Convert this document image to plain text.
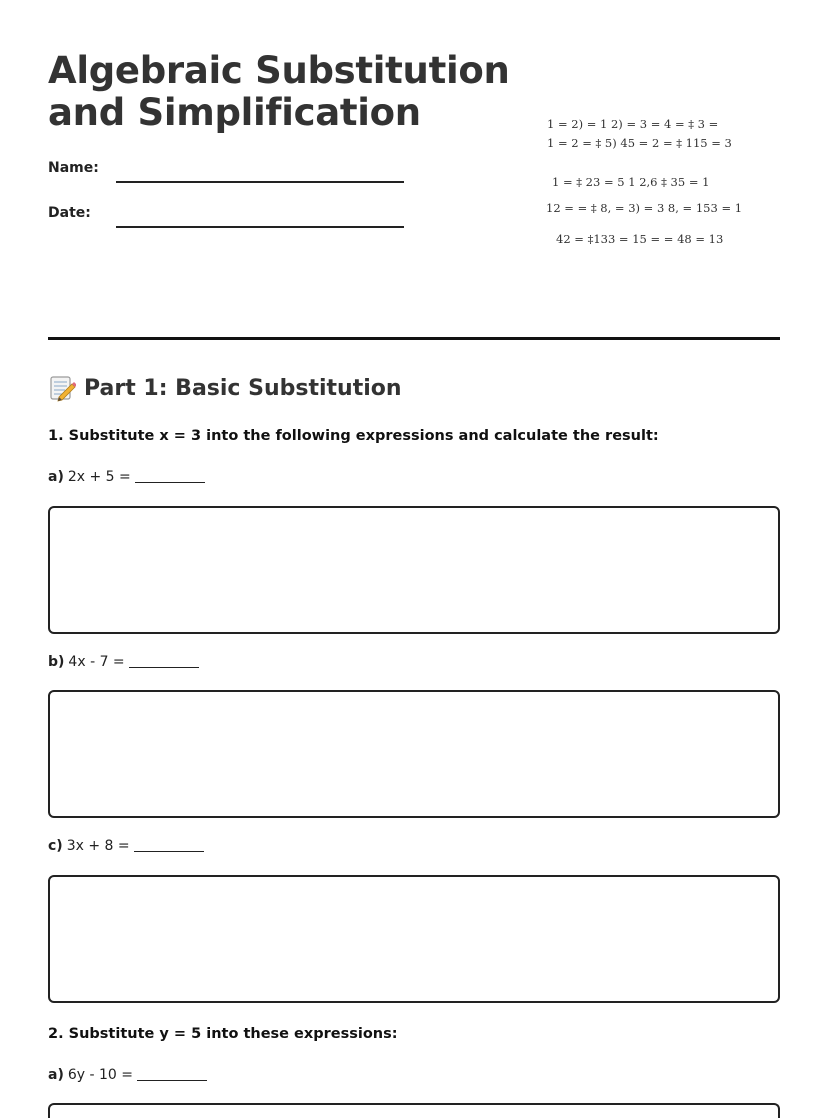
Algebraic Substitution
and Simplification
Name:
Date:
1 = 2) = 1 2) = 3 = 4 = ‡ 3 =
1 = 2 = ‡ 5) 45 = 2 = ‡ 115 = 3
1 = ‡ 23 = 5 1 2,6 ‡ 35 = 1
12 = = ‡ 8, = 3) = 3 8, = 153 = 1
42 = ‡133 = 15 = = 48 = 13
Part 1: Basic Substitution

1. Substitute x = 3 into the following expressions and calculate the result:

a) 2x + 5 =
b) 4x - 7 =
c) 3x + 8 =

2. Substitute y = 5 into these expressions:

a) 6y - 10 =
